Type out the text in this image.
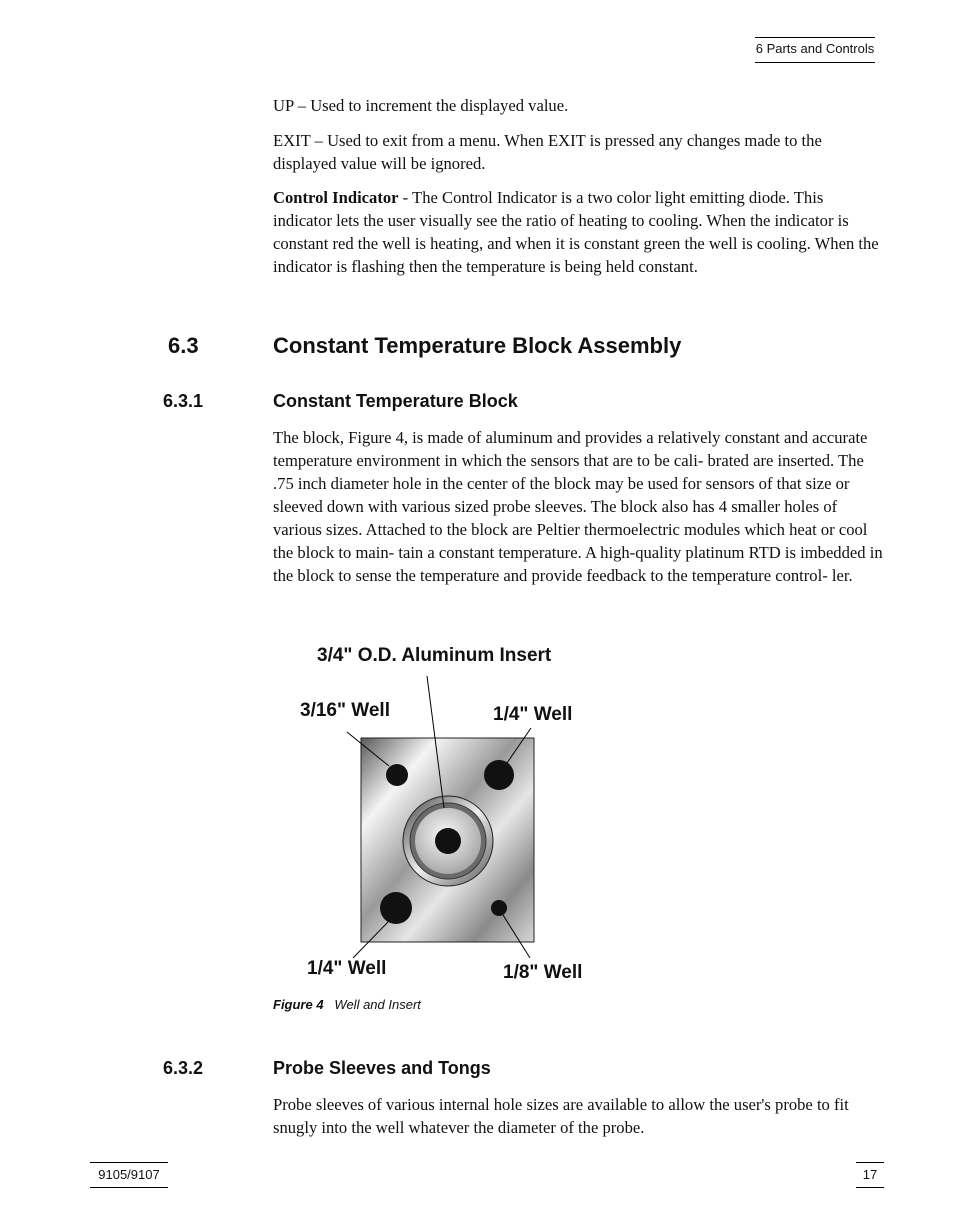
6 Parts and Controls

UP – Used to increment the displayed value.

EXIT – Used to exit from a menu. When EXIT is pressed any changes made to the displayed value will be ignored.

Control Indicator - The Control Indicator is a two color light emitting diode. This indicator lets the user visually see the ratio of heating to cooling. When the indicator is constant red the well is heating, and when it is constant green the well is cooling. When the indicator is flashing then the temperature is being held constant.

6.3	Constant Temperature Block Assembly
6.3.1	Constant Temperature Block

The block, Figure 4, is made of aluminum and provides a relatively constant and accurate temperature environment in which the sensors that are to be cali- brated are inserted. The .75 inch diameter hole in the center of the block may be used for sensors of that size or sleeved down with various sized probe sleeves. The block also has 4 smaller holes of various sizes. Attached to the block are Peltier thermoelectric modules which heat or cool the block to main- tain a constant temperature. A high-quality platinum RTD is imbedded in the block to sense the temperature and provide feedback to the temperature control- ler.

3/4" O.D. Aluminum Insert
3/16" Well	1/4" Well
1/4" Well	1/8" Well
Figure 4 Well and Insert
6.3.2	Probe Sleeves and Tongs

Probe sleeves of various internal hole sizes are available to allow the user's probe to fit snugly into the well whatever the diameter of the probe.

9105/9107	17
